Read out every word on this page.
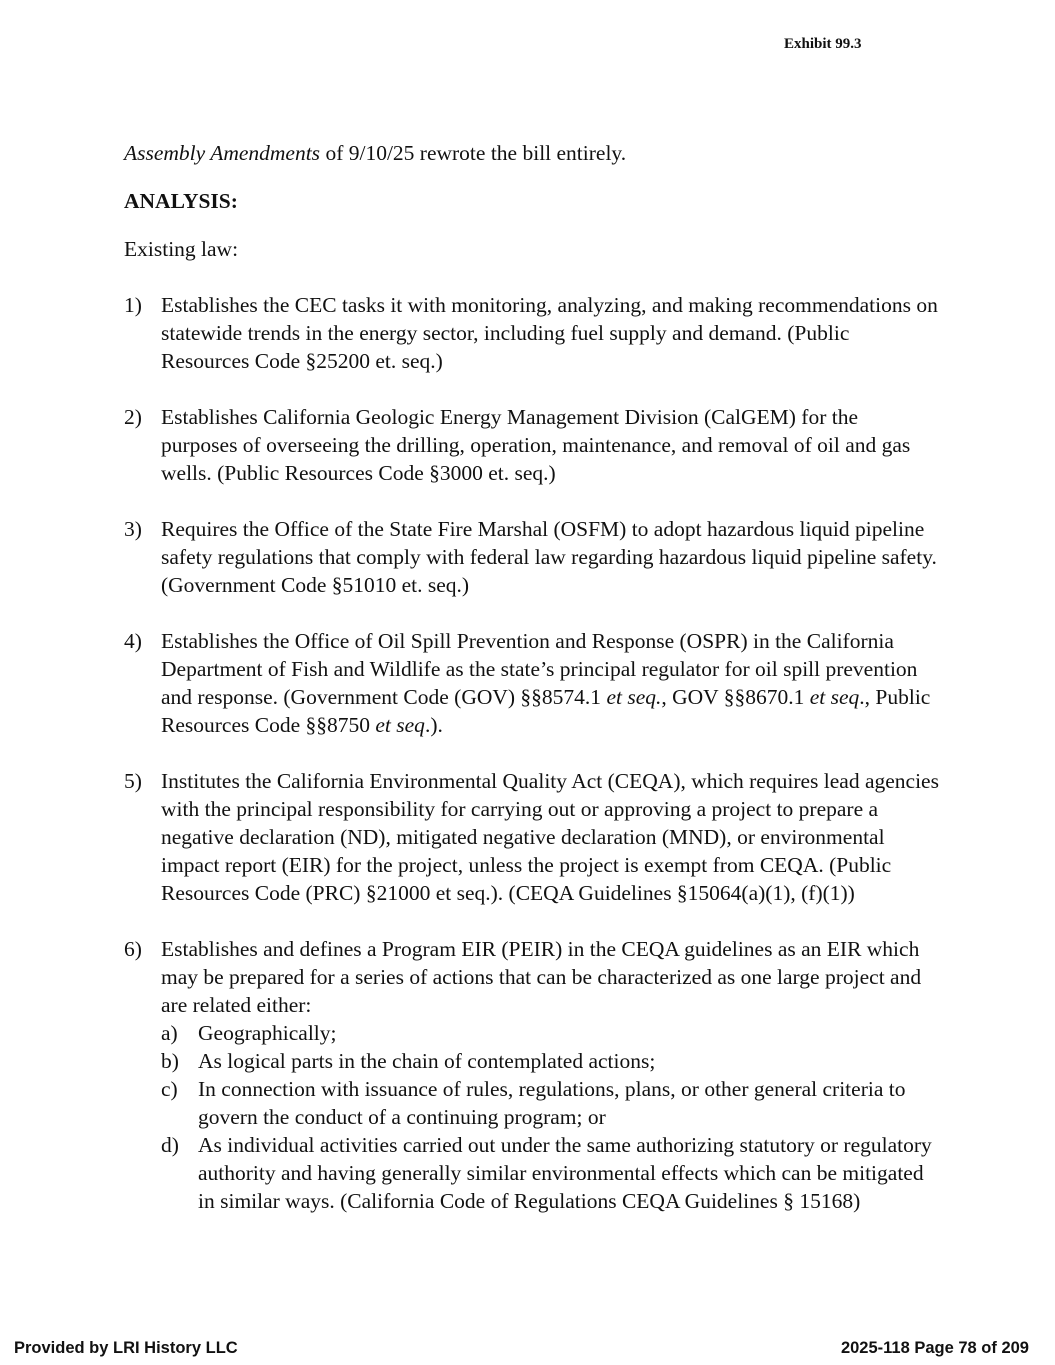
Exhibit 99.3

Assembly Amendments of 9/10/25 rewrote the bill entirely.

ANALYSIS:

Existing law:

1) Establishes the CEC tasks it with monitoring, analyzing, and making recommendations on statewide trends in the energy sector, including fuel supply and demand. (Public Resources Code §25200 et. seq.)
2) Establishes California Geologic Energy Management Division (CalGEM) for the purposes of overseeing the drilling, operation, maintenance, and removal of oil and gas wells. (Public Resources Code §3000 et. seq.)
3) Requires the Office of the State Fire Marshal (OSFM) to adopt hazardous liquid pipeline safety regulations that comply with federal law regarding hazardous liquid pipeline safety. (Government Code §51010 et. seq.)
4) Establishes the Office of Oil Spill Prevention and Response (OSPR) in the California Department of Fish and Wildlife as the state’s principal regulator for oil spill prevention and response. (Government Code (GOV) §§8574.1 et seq., GOV §§8670.1 et seq., Public Resources Code §§8750 et seq.).
5) Institutes the California Environmental Quality Act (CEQA), which requires lead agencies with the principal responsibility for carrying out or approving a project to prepare a negative declaration (ND), mitigated negative declaration (MND), or environmental impact report (EIR) for the project, unless the project is exempt from CEQA. (Public Resources Code (PRC) §21000 et seq.). (CEQA Guidelines §15064(a)(1), (f)(1))
6) Establishes and defines a Program EIR (PEIR) in the CEQA guidelines as an EIR which may be prepared for a series of actions that can be characterized as one large project and are related either:
a) Geographically;
b) As logical parts in the chain of contemplated actions;
c) In connection with issuance of rules, regulations, plans, or other general criteria to govern the conduct of a continuing program; or
d) As individual activities carried out under the same authorizing statutory or regulatory authority and having generally similar environmental effects which can be mitigated in similar ways. (California Code of Regulations CEQA Guidelines § 15168)
Provided by LRI History LLC	2025-118 Page 78 of 209
